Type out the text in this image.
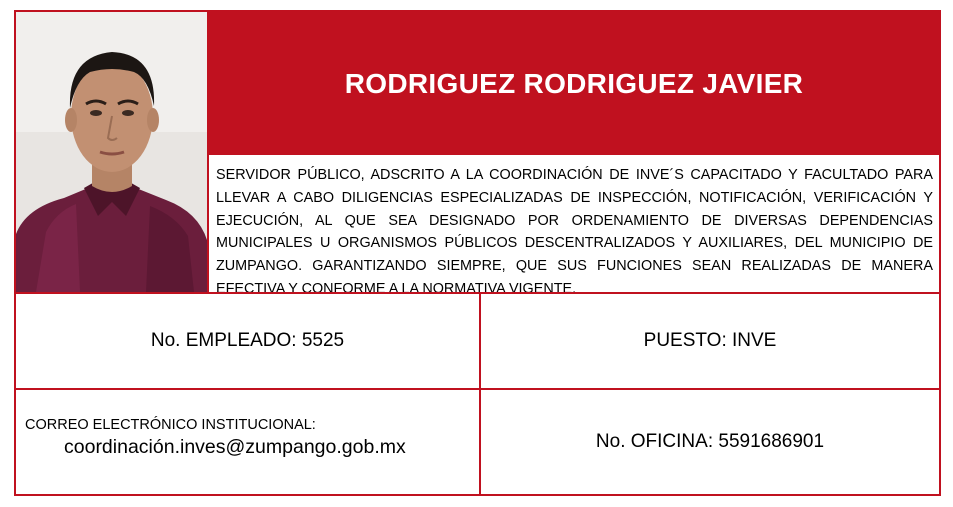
RODRIGUEZ RODRIGUEZ JAVIER
SERVIDOR PÚBLICO, ADSCRITO A LA COORDINACIÓN DE INVE´S CAPACITADO Y FACULTADO PARA LLEVAR A CABO DILIGENCIAS ESPECIALIZADAS DE INSPECCIÓN, NOTIFICACIÓN, VERIFICACIÓN Y EJECUCIÓN, AL QUE SEA DESIGNADO POR ORDENAMIENTO DE DIVERSAS DEPENDENCIAS MUNICIPALES U ORGANISMOS PÚBLICOS DESCENTRALIZADOS Y AUXILIARES, DEL MUNICIPIO DE ZUMPANGO. GARANTIZANDO SIEMPRE, QUE SUS FUNCIONES SEAN REALIZADAS DE MANERA EFECTIVA Y CONFORME A LA NORMATIVA VIGENTE.
No. EMPLEADO: 5525	PUESTO: INVE
CORREO ELECTRÓNICO INSTITUCIONAL:
coordinación.inves@zumpango.gob.mx	No. OFICINA: 5591686901
